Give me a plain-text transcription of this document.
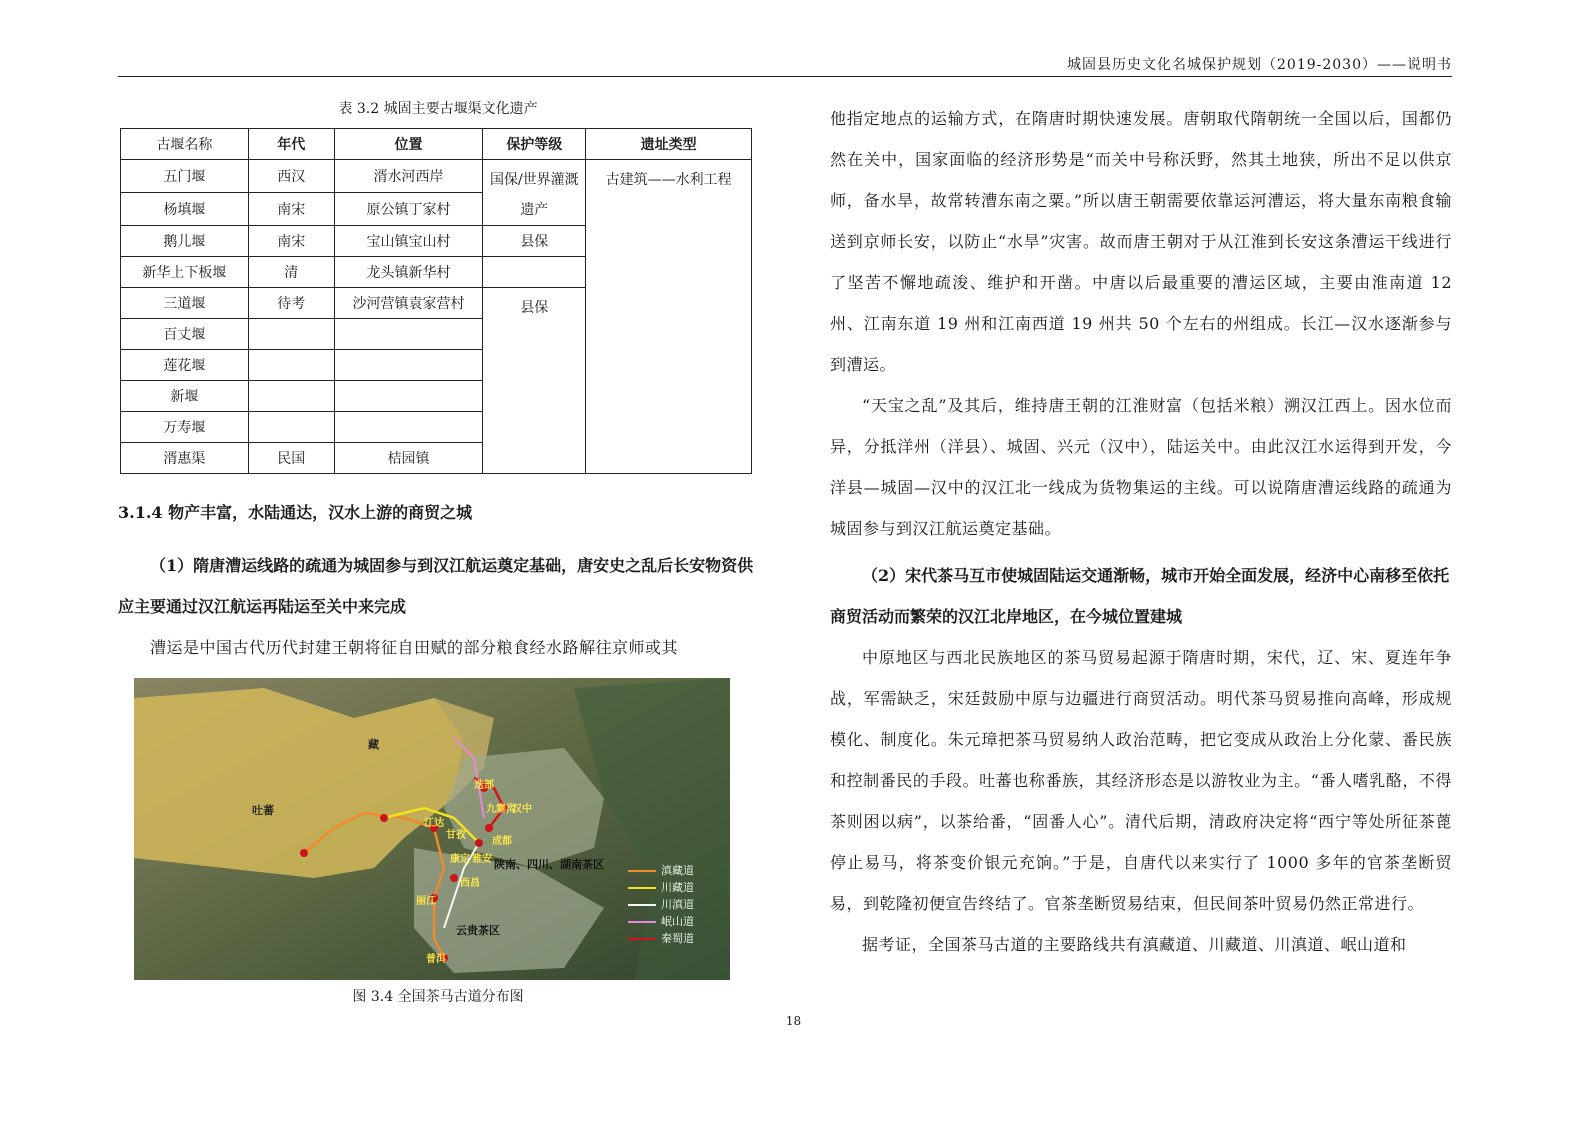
城固县历史文化名城保护规划（2019-2030）——说明书
表 3.2 城固主要古堰渠文化遗产
古堰名称	年代	位置	保护等级	遗址类型
五门堰	西汉	湑水河西岸	国保/世界灌溉遗产	古建筑——水利工程
杨填堰	南宋	原公镇丁家村		
鹅儿堰	南宋	宝山镇宝山村	县保	
新华上下板堰	清	龙头镇新华村		
三道堰	待考	沙河营镇袁家营村	县保	
百丈堰				
莲花堰				
新堰				
万寿堰				
湑惠渠	民国	桔园镇		
3.1.4 物产丰富，水陆通达，汉水上游的商贸之城
（1）隋唐漕运线路的疏通为城固参与到汉江航运奠定基础，唐安史之乱后长安物资供应主要通过汉江航运再陆运至关中来完成

漕运是中国古代历代封建王朝将征自田赋的部分粮食经水路解往京师或其

吐蕃
藏
陕南、四川、湖南茶区
云贵茶区
江达
甘孜
康定 雅安
成都
汉中
九寨沟
迭部
丽江
普洱
西昌
滇藏道
川藏道
川滇道
岷山道
秦蜀道
图 3.4 全国茶马古道分布图

他指定地点的运输方式，在隋唐时期快速发展。唐朝取代隋朝统一全国以后，国都仍然在关中，国家面临的经济形势是“而关中号称沃野，然其土地狭，所出不足以供京师，备水旱，故常转漕东南之粟。”所以唐王朝需要依靠运河漕运，将大量东南粮食输送到京师长安，以防止“水旱”灾害。故而唐王朝对于从江淮到长安这条漕运干线进行了坚苦不懈地疏浚、维护和开凿。中唐以后最重要的漕运区域，主要由淮南道 12 州、江南东道 19 州和江南西道 19 州共 50 个左右的州组成。长江—汉水逐渐参与到漕运。

“天宝之乱”及其后，维持唐王朝的江淮财富（包括米粮）溯汉江西上。因水位而异，分抵洋州（洋县）、城固、兴元（汉中），陆运关中。由此汉江水运得到开发，今洋县—城固—汉中的汉江北一线成为货物集运的主线。可以说隋唐漕运线路的疏通为城固参与到汉江航运奠定基础。

（2）宋代茶马互市使城固陆运交通渐畅，城市开始全面发展，经济中心南移至依托商贸活动而繁荣的汉江北岸地区，在今城位置建城

中原地区与西北民族地区的茶马贸易起源于隋唐时期，宋代，辽、宋、夏连年争战，军需缺乏，宋廷鼓励中原与边疆进行商贸活动。明代茶马贸易推向高峰，形成规模化、制度化。朱元璋把茶马贸易纳人政治范畴，把它变成从政治上分化蒙、番民族和控制番民的手段。吐蕃也称番族，其经济形态是以游牧业为主。“番人嗜乳酪，不得茶则困以病”，以茶给番，“固番人心”。清代后期，清政府决定将“西宁等处所征茶蓖停止易马，将茶变价银元充饷。”于是，自唐代以来实行了 1000 多年的官茶垄断贸易，到乾隆初便宣告终结了。官茶垄断贸易结束，但民间茶叶贸易仍然正常进行。

据考证，全国茶马古道的主要路线共有滇藏道、川藏道、川滇道、岷山道和

18
